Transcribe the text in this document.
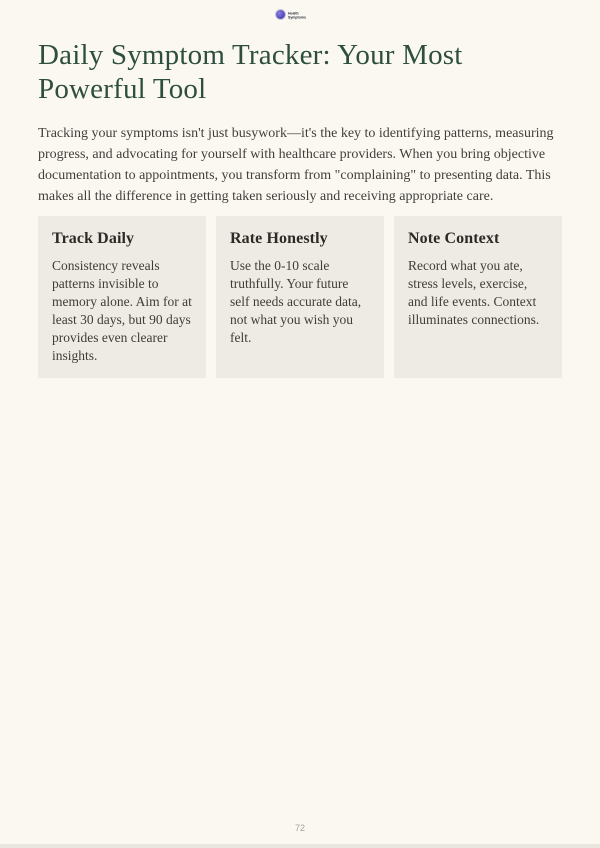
Health
Symptoms
Daily Symptom Tracker: Your Most Powerful Tool

Tracking your symptoms isn't just busywork—it's the key to identifying patterns, measuring progress, and advocating for yourself with healthcare providers. When you bring objective documentation to appointments, you transform from "complaining" to presenting data. This makes all the difference in getting taken seriously and receiving appropriate care.

Track Daily

Consistency reveals patterns invisible to memory alone. Aim for at least 30 days, but 90 days provides even clearer insights.

Rate Honestly

Use the 0-10 scale truthfully. Your future self needs accurate data, not what you wish you felt.

Note Context

Record what you ate, stress levels, exercise, and life events. Context illuminates connections.

72
